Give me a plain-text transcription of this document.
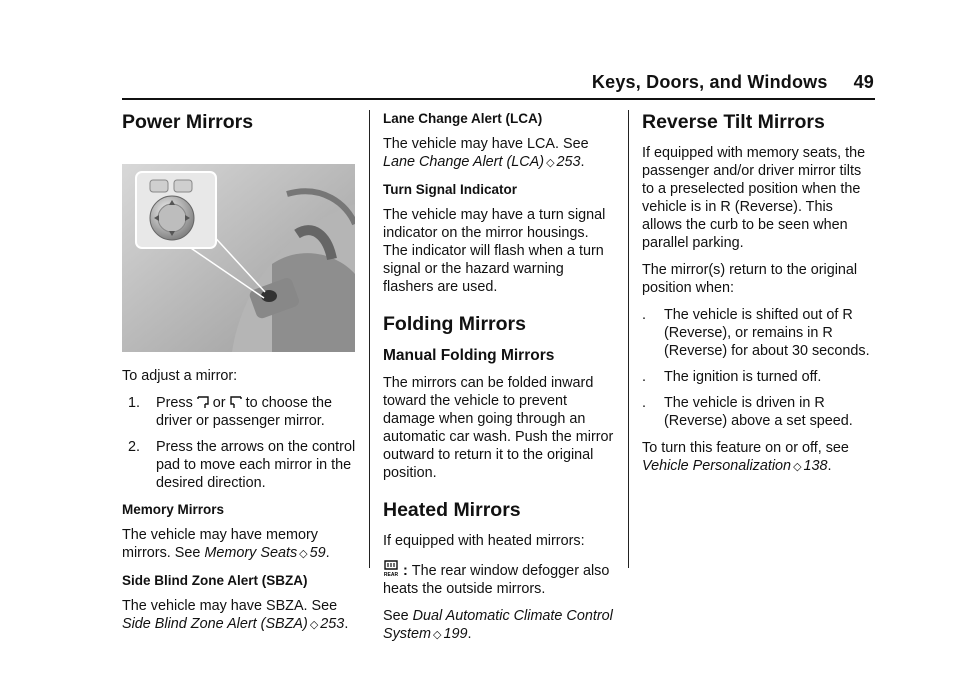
Keys, Doors, and Windows 49
Power Mirrors

To adjust a mirror:

1. Press or to choose the driver or passenger mirror.
2. Press the arrows on the control pad to move each mirror in the desired direction.
Memory Mirrors

The vehicle may have memory mirrors. See Memory Seats ◇ 59.

Side Blind Zone Alert (SBZA)

The vehicle may have SBZA. See Side Blind Zone Alert (SBZA) ◇ 253.

Lane Change Alert (LCA)

The vehicle may have LCA. See Lane Change Alert (LCA) ◇ 253.

Turn Signal Indicator

The vehicle may have a turn signal indicator on the mirror housings. The indicator will flash when a turn signal or the hazard warning flashers are used.

Folding Mirrors
Manual Folding Mirrors

The mirrors can be folded inward toward the vehicle to prevent damage when going through an automatic car wash. Push the mirror outward to return it to the original position.

Heated Mirrors

If equipped with heated mirrors:

REAR : The rear window defogger also heats the outside mirrors.

See Dual Automatic Climate Control System ◇ 199.

Reverse Tilt Mirrors

If equipped with memory seats, the passenger and/or driver mirror tilts to a preselected position when the vehicle is in R (Reverse). This allows the curb to be seen when parallel parking.

The mirror(s) return to the original position when:

. The vehicle is shifted out of R (Reverse), or remains in R (Reverse) for about 30 seconds.
. The ignition is turned off.
. The vehicle is driven in R (Reverse) above a set speed.

To turn this feature on or off, see Vehicle Personalization ◇ 138.
